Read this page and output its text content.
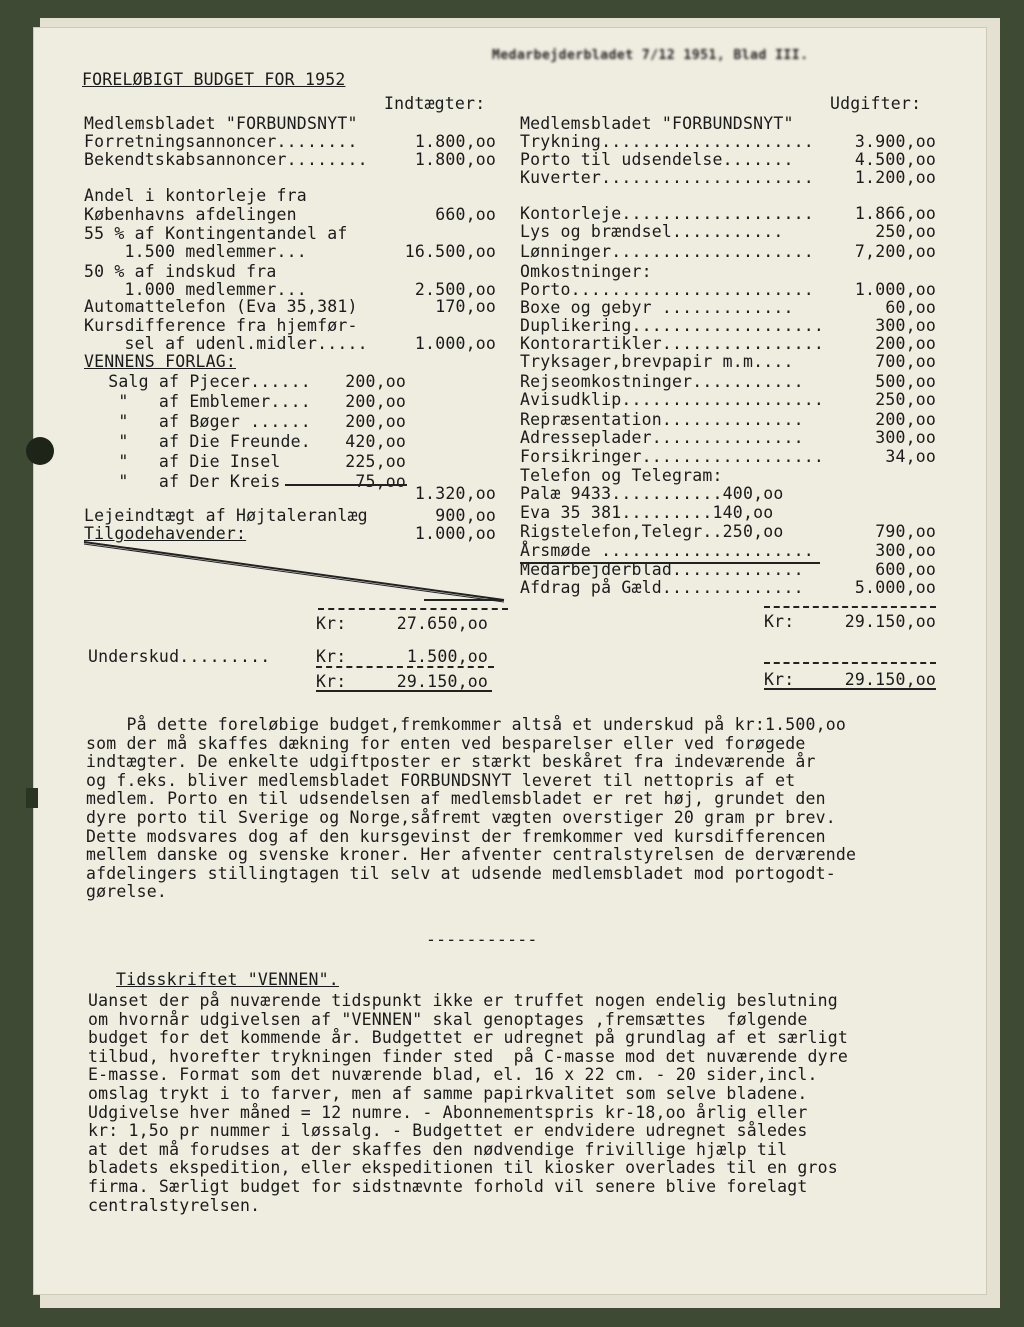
Medarbejderbladet 7/12 1951, Blad III.
FORELØBIGT BUDGET FOR 1952
Indtægter:
Medlemsbladet "FORBUNDSNYT"
Forretningsannoncer........	1.800,oo
Bekendtskabsannoncer........	1.800,oo
Andel i kontorleje fra
Københavns afdelingen	660,oo
55 % af Kontingentandel af
1.500 medlemmer...	16.500,oo
50 % af indskud fra
1.000 medlemmer...	2.500,oo
Automattelefon (Eva 35,381)	170,oo
Kursdifference fra hjemfør-
sel af udenl.midler.....	1.000,oo
VENNENS FORLAG:
Salg af Pjecer......	200,oo
"   af Emblemer....	200,oo
"   af Bøger ......	200,oo
"   af Die Freunde.	420,oo
"   af Die Insel	225,oo
"   af Der Kreis	75,oo
1.320,oo
Lejeindtægt af Højtaleranlæg	900,oo
Tilgodehavender:	1.000,oo
Kr:	27.650,oo
Underskud.........	Kr:	1.500,oo
Kr:	29.150,oo
Udgifter:
Medlemsbladet "FORBUNDSNYT"
Trykning.....................	3.900,oo
Porto til udsendelse.......	4.500,oo
Kuverter.....................	1.200,oo
Kontorleje...................	1.866,oo
Lys og brændsel...........	250,oo
Lønninger....................	7,200,oo
Omkostninger:
Porto........................	1.000,oo
Boxe og gebyr .............	60,oo
Duplikering...................	300,oo
Kontorartikler................	200,oo
Tryksager,brevpapir m.m....	700,oo
Rejseomkostninger...........	500,oo
Avisudklip....................	250,oo
Repræsentation..............	200,oo
Adresseplader...............	300,oo
Forsikringer..................	34,oo
Telefon og Telegram:
Palæ 9433...........400,oo
Eva 35 381.........140,oo
Rigstelefon,Telegr..250,oo	790,oo
Årsmøde .....................	300,oo
Medarbejderblad.............	600,oo
Afdrag på Gæld..............	5.000,oo
Kr:	29.150,oo
Kr:	29.150,oo
På dette foreløbige budget,fremkommer altså et underskud på kr:1.500,oo
som der må skaffes dækning for enten ved besparelser eller ved forøgede
indtægter. De enkelte udgiftposter er stærkt beskåret fra indeværende år
og f.eks. bliver medlemsbladet FORBUNDSNYT leveret til nettopris af et
medlem. Porto en til udsendelsen af medlemsbladet er ret høj, grundet den
dyre porto til Sverige og Norge,såfremt vægten overstiger 20 gram pr brev.
Dette modsvares dog af den kursgevinst der fremkommer ved kursdifferencen
mellem danske og svenske kroner. Her afventer centralstyrelsen de derværende
afdelingers stillingtagen til selv at udsende medlemsbladet mod portogodt-
gørelse.
-----------
Tidsskriftet "VENNEN".
Uanset der på nuværende tidspunkt ikke er truffet nogen endelig beslutning
om hvornår udgivelsen af "VENNEN" skal genoptages ,fremsættes  følgende
budget for det kommende år. Budgettet er udregnet på grundlag af et særligt
tilbud, hvorefter trykningen finder sted  på C-masse mod det nuværende dyre
E-masse. Format som det nuværende blad, el. 16 x 22 cm. - 20 sider,incl.
omslag trykt i to farver, men af samme papirkvalitet som selve bladene.
Udgivelse hver måned = 12 numre. - Abonnementspris kr-18,oo årlig eller
kr: 1,5o pr nummer i løssalg. - Budgettet er endvidere udregnet således
at det må forudses at der skaffes den nødvendige frivillige hjælp til
bladets ekspedition, eller ekspeditionen til kiosker overlades til en gros
firma. Særligt budget for sidstnævnte forhold vil senere blive forelagt
centralstyrelsen.
